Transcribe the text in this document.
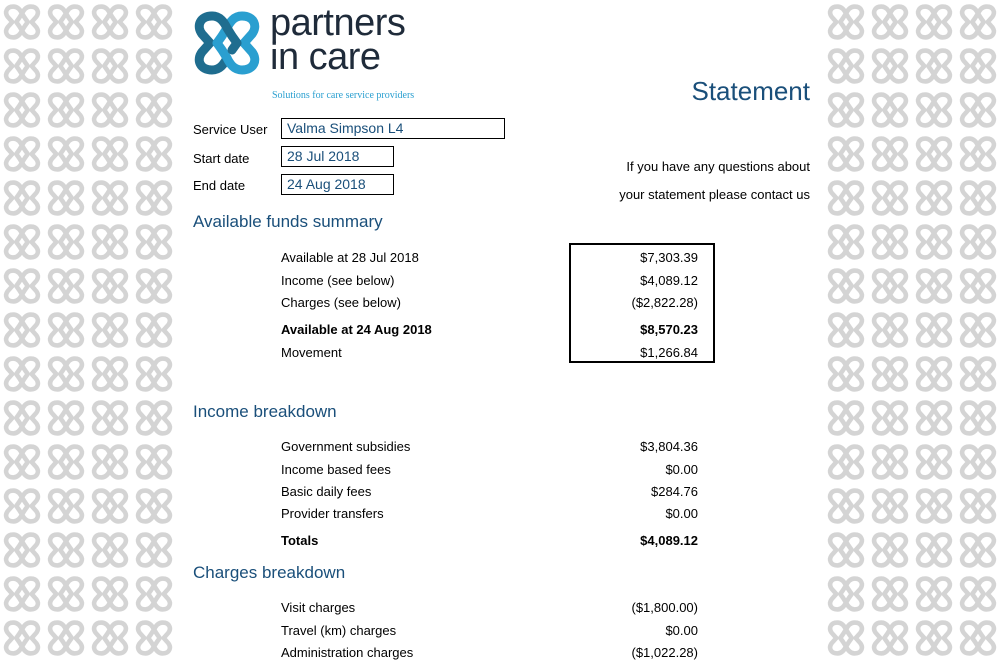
partners
in care
Solutions for care service providers	Statement
Service User	Valma Simpson L4
Start date	28 Jul 2018
End date	24 Aug 2018
If you have any questions about
your statement please contact us
Available funds summary
Available at 28 Jul 2018	$7,303.39
Income (see below)	$4,089.12
Charges (see below)	($2,822.28)
Available at 24 Aug 2018	$8,570.23
Movement	$1,266.84
Income breakdown
Government subsidies	$3,804.36
Income based fees	$0.00
Basic daily fees	$284.76
Provider transfers	$0.00
Totals	$4,089.12
Charges breakdown
Visit charges	($1,800.00)
Travel (km) charges	$0.00
Administration charges	($1,022.28)
